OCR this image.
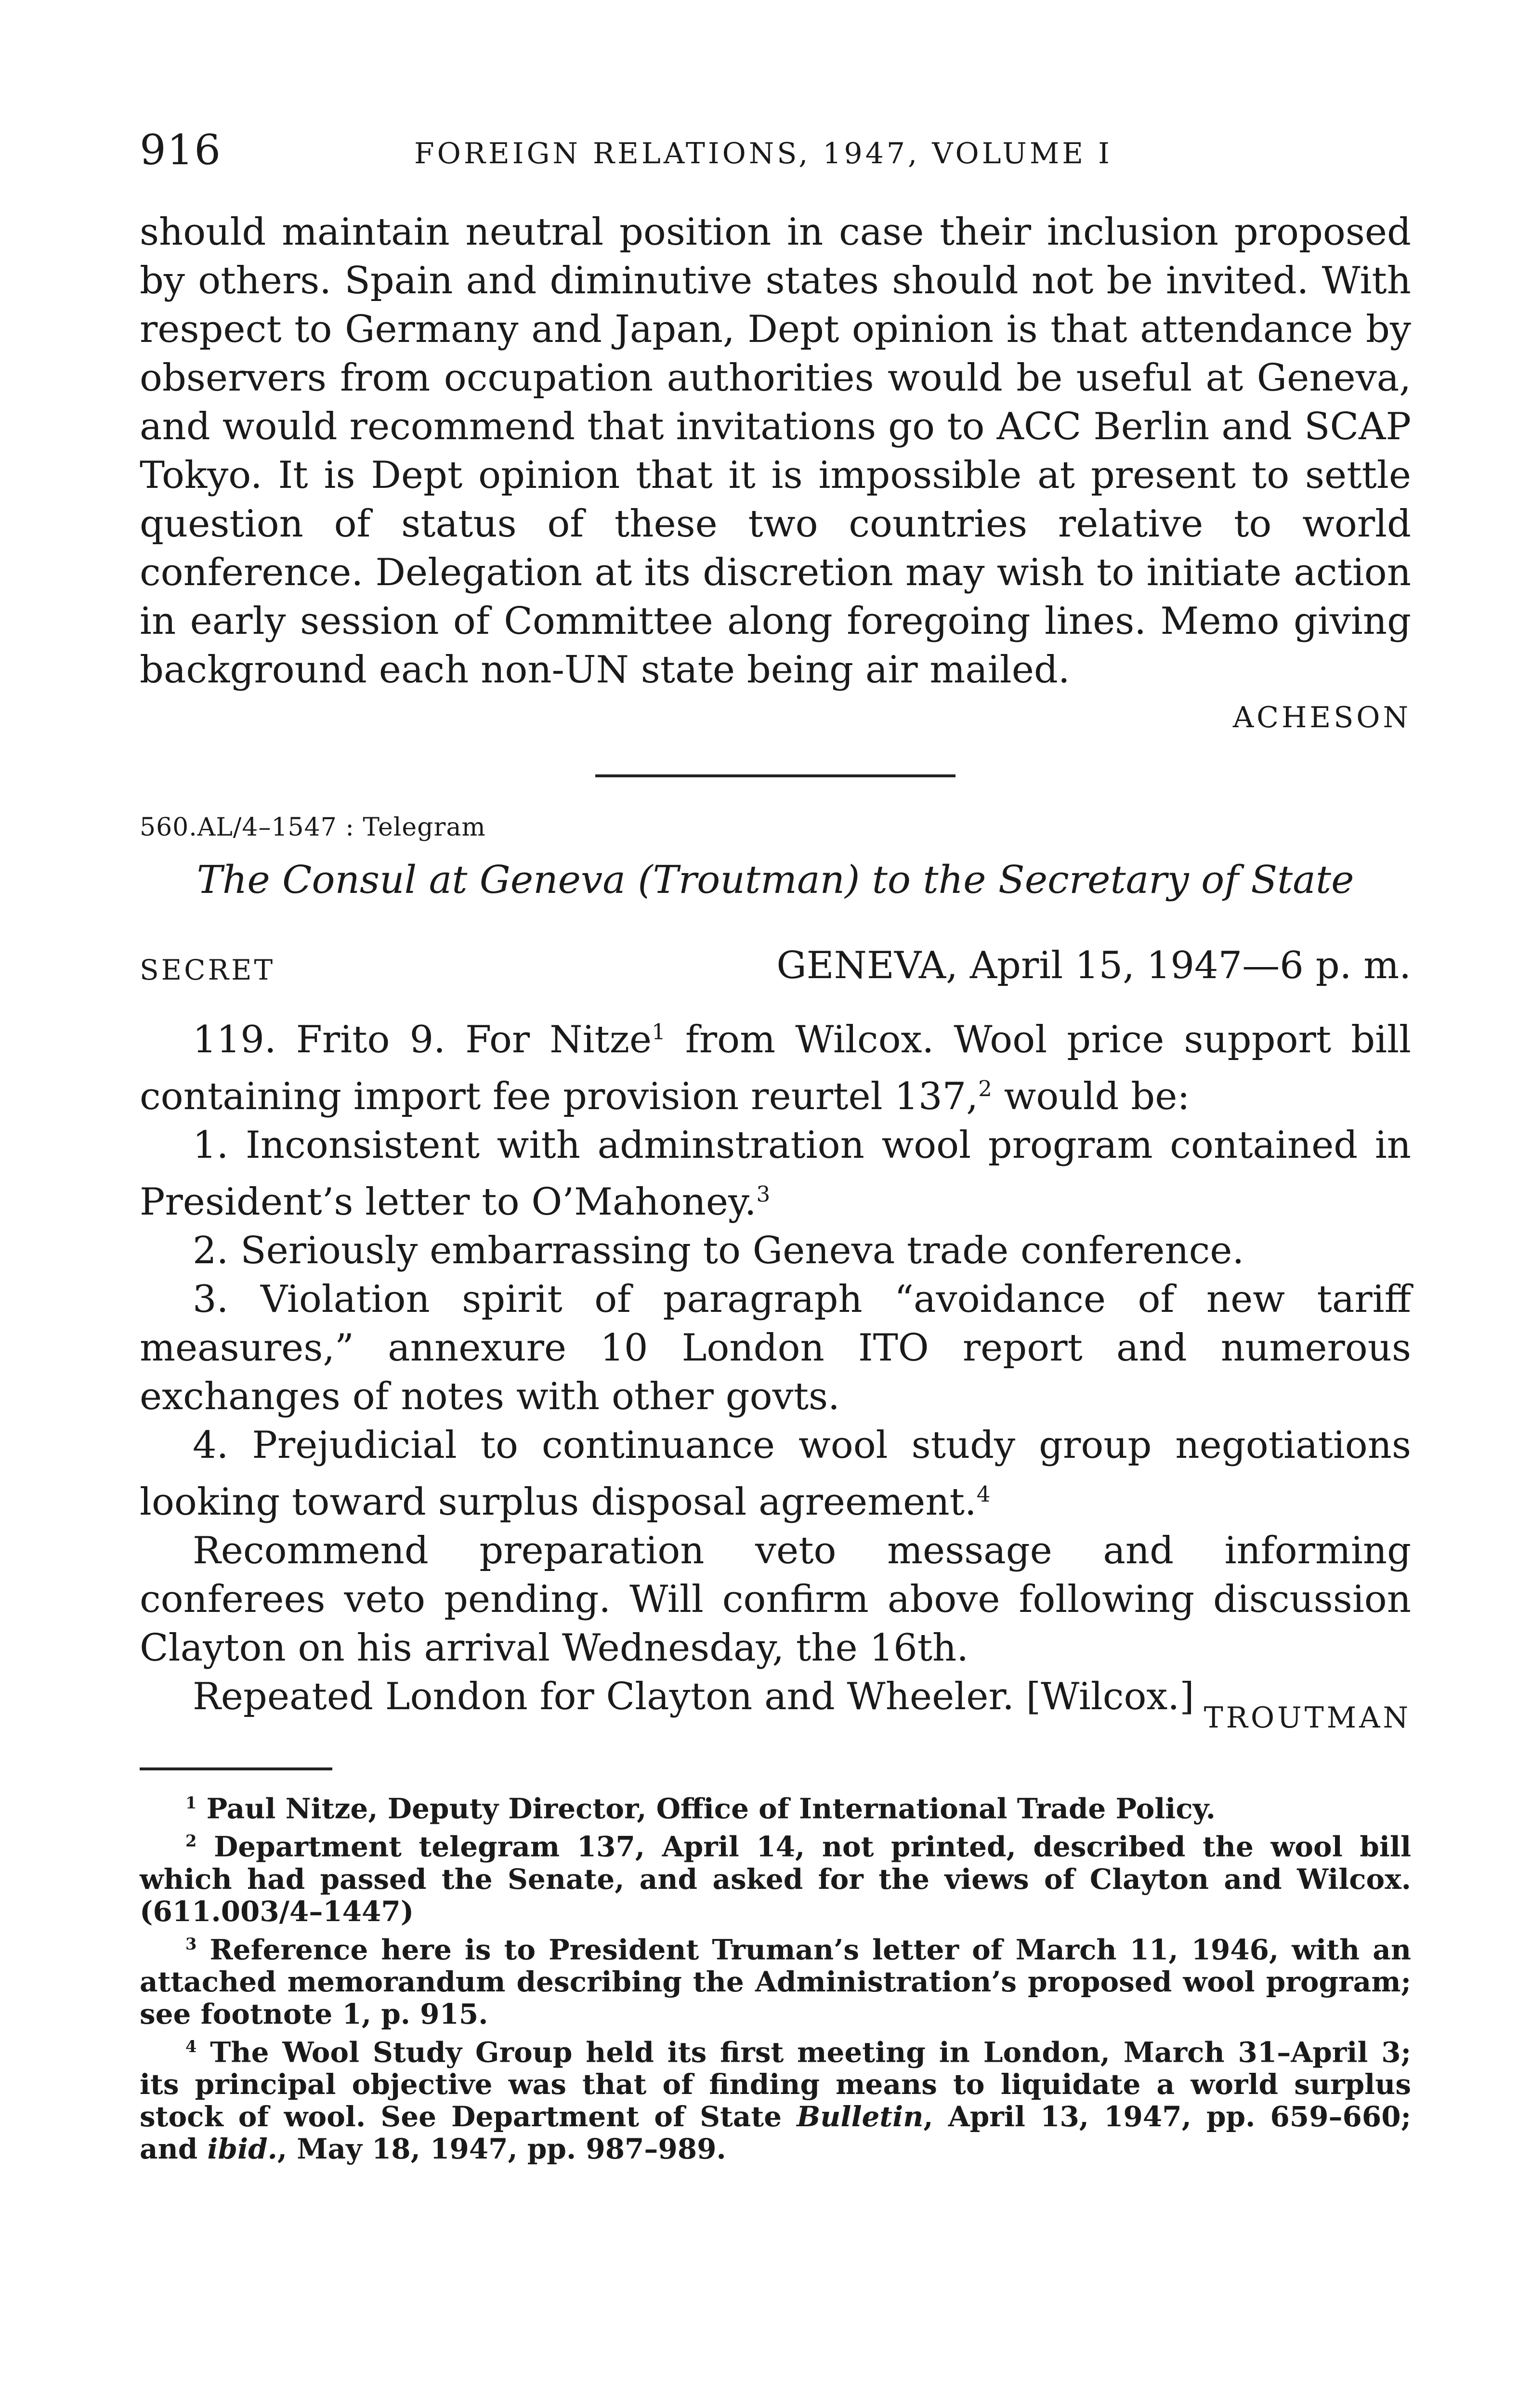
916	FOREIGN RELATIONS, 1947, VOLUME I
should maintain neutral position in case their inclusion proposed by others. Spain and diminutive states should not be invited. With respect to Germany and Japan, Dept opinion is that attendance by observers from occupation authorities would be useful at Geneva, and would recommend that invitations go to ACC Berlin and SCAP Tokyo. It is Dept opinion that it is impossible at present to settle question of status of these two countries relative to world conference. Delegation at its discretion may wish to initiate action in early session of Committee along foregoing lines. Memo giving background each non-UN state being air mailed.
ACHESON
560.AL/4–1547 : Telegram
The Consul at Geneva (Troutman) to the Secretary of State
SECRET	GENEVA, April 15, 1947—6 p. m.

119. Frito 9. For Nitze$^1$ from Wilcox. Wool price support bill containing import fee provision reurtel 137,$^2$ would be:

1. Inconsistent with adminstration wool program contained in President’s letter to O’Mahoney.$^3$

2. Seriously embarrassing to Geneva trade conference.

3. Violation spirit of paragraph “avoidance of new tariff measures,” annexure 10 London ITO report and numerous exchanges of notes with other govts.

4. Prejudicial to continuance wool study group negotiations looking toward surplus disposal agreement.$^4$

Recommend preparation veto message and informing conferees veto pending. Will confirm above following discussion Clayton on his arrival Wednesday, the 16th.

Repeated London for Clayton and Wheeler. [Wilcox.] TROUTMAN

$^1$ Paul Nitze, Deputy Director, Office of International Trade Policy.

$^2$ Department telegram 137, April 14, not printed, described the wool bill which had passed the Senate, and asked for the views of Clayton and Wilcox. (611.003/4–1447)

$^3$ Reference here is to President Truman’s letter of March 11, 1946, with an attached memorandum describing the Administration’s proposed wool program; see footnote 1, p. 915.

$^4$ The Wool Study Group held its first meeting in London, March 31–April 3; its principal objective was that of finding means to liquidate a world surplus stock of wool. See Department of State Bulletin, April 13, 1947, pp. 659–660; and ibid., May 18, 1947, pp. 987–989.
